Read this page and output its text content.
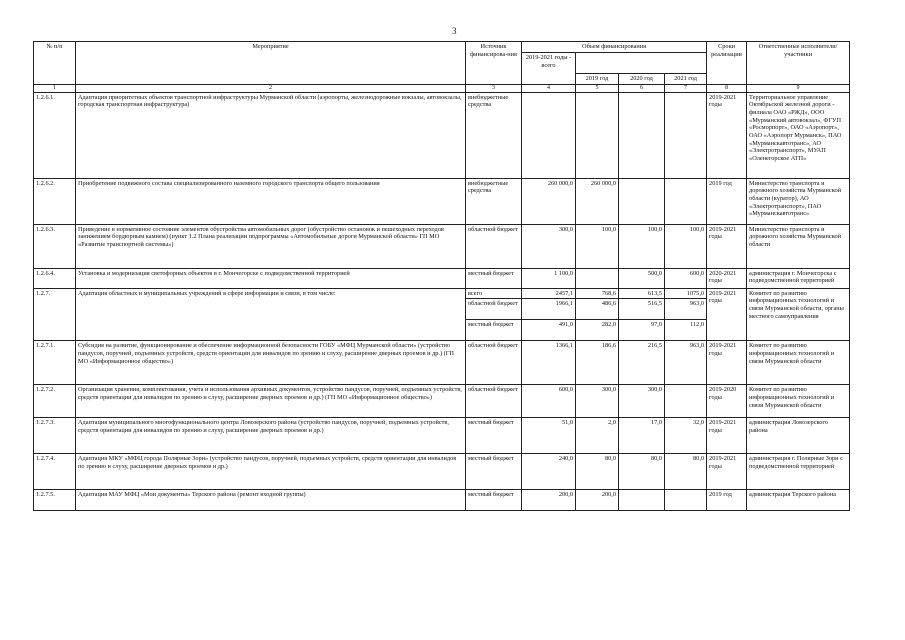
3
№ п/п	Мероприятие	Источник финансирова-ния	Объем финансирования				Сроки реализации	Ответственные исполнители/участники
			2019-2021 годы - всего					
				2019 год	2020 год	2021 год		
1	2	3	4	5	6	7	8	9
1.2.6.1.	Адаптация приоритетных объектов транспортной инфраструктуры Мурманской области (аэропорты, железнодорожные вокзалы, автовокзалы, городская транспортная инфраструктура)	внебюджетные средства					2019-2021 годы	Территориальное управление Октябрьской железной дороги - филиала ОАО «РЖД», ООО «Мурманский автовокзал», ФГУП «Росморпорт», ОАО «Аэропорт», ОАО «Аэропорт Мурманск», ПАО «Мурманскавтотранс», АО «Электротранспорт», МУАП «Оленегорское АТП»
1.2.6.2.	Приобретение подвижного состава специализированного наземного городского транспорта общего пользования	внебюджетные средства	260 000,0	260 000,0			2019 год	Министерство транспорта и дорожного хозяйства Мурманской области (куратор), АО «Электротранспорт», ПАО «Мурманскавтотранс»
1.2.6.3.	Приведение в нормативное состояние элементов обустройства автомобильных дорог (обустройство остановок и пешеходных переходов занижением бордюрным камнем) (пункт 1.2 Плана реализации подпрограммы «Автомобильные дороги Мурманской области» ГП МО «Развитие транспортной системы»)	областной бюджет	300,0	100,0	100,0	100,0	2019-2021 годы	Министерство транспорта и дорожного хозяйства Мурманской области
1.2.6.4.	Установка и модернизация светофорных объектов в г. Мончегорске с подведомственной территорией	местный бюджет	1 100,0		500,0	600,0	2020-2021 годы	администрация г. Мончегорска с подведомственной территорией
1.2.7.	Адаптация областных и муниципальных учреждений в сфере информации и связи, в том числе:	всего	2457,1	768,6	613,5	1075,0	2019-2021 годы	Комитет по развитию информационных технологий и связи Мурманской области, органы местного самоуправления
		областной бюджет	1966,1	486,6	516,5	963,0		
		местный бюджет	491,0	282,0	97,0	112,0		
1.2.7.1.	Субсидия на развитие, функционирование и обеспечение информационной безопасности ГОБУ «МФЦ Мурманской области» (устройство пандусов, поручней, подъемных устройств, средств ориентации для инвалидов по зрению и слуху, расширение дверных проемов и др.) (ГП МО «Информационное общество»)	областной бюджет	1366,1	186,6	216,5	963,0	2019-2021 годы	Комитет по развитию информационных технологий и связи Мурманской области
1.2.7.2.	Организация хранения, комплектования, учета и использования архивных документов, устройство пандусов, поручней, подъемных устройств, средств ориентации для инвалидов по зрению и слуху, расширение дверных проемов и др.) (ГП МО «Информационное общество»)	областной бюджет	600,0	300,0	300,0		2019-2020 годы	Комитет по развитию информационных технологий и связи Мурманской области
1.2.7.3.	Адаптация муниципального многофункционального центра Ловозерского района (устройство пандусов, поручней, подъемных устройств, средств ориентации для инвалидов по зрению и слуху, расширение дверных проемов и др.)	местный бюджет	51,0	2,0	17,0	32,0	2019-2021 годы	администрация Ловозерского района
1.2.7.4.	Адаптация МКУ «МФЦ города Полярные Зори» (устройство пандусов, поручней, подъемных устройств, средств ориентации для инвалидов по зрению и слуху, расширение дверных проемов и др.)	местный бюджет	240,0	80,0	80,0	80,0	2019-2021 годы	администрация г. Полярные Зори с подведомственной территорией
1.2.7.5.	Адаптация МАУ МФЦ «Мои документы» Терского района (ремонт входной группы)	местный бюджет	200,0	200,0			2019 год	администрация Терского района
